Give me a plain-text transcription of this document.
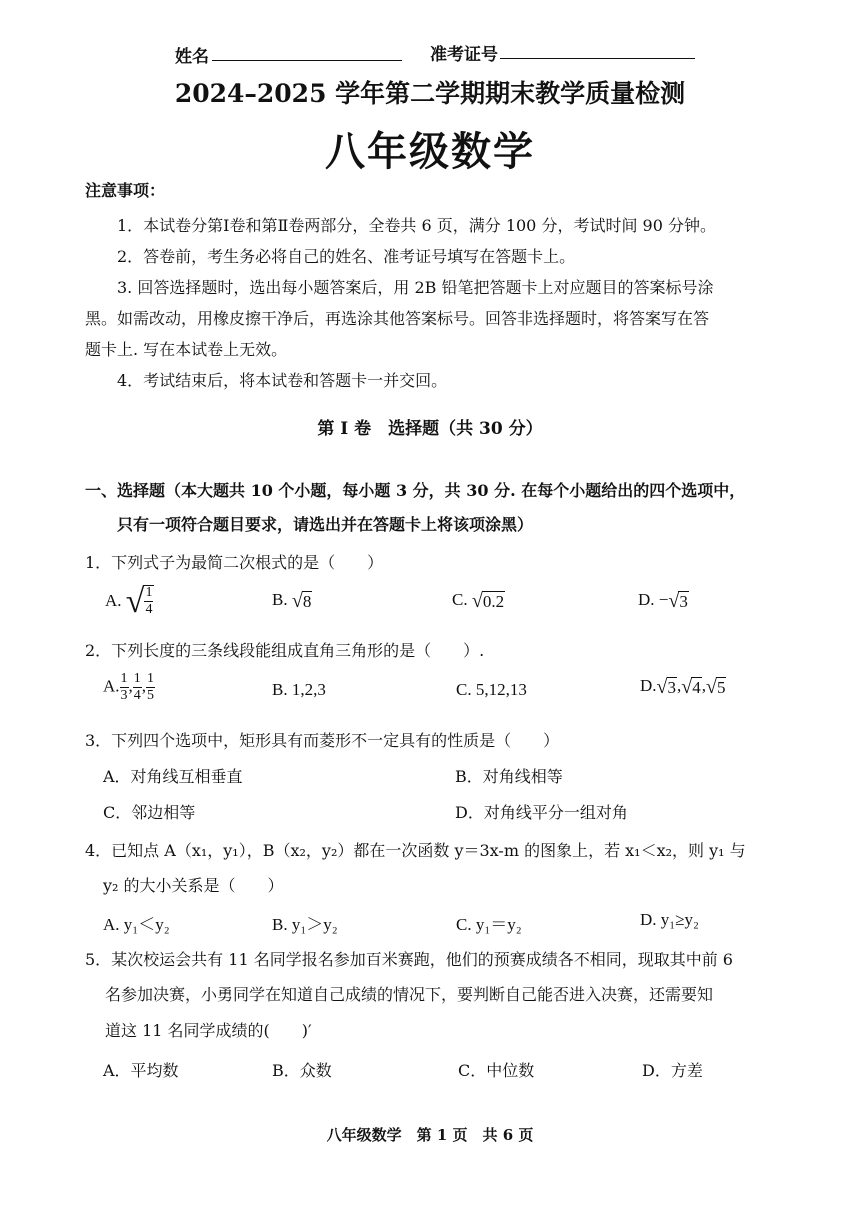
姓名	准考证号
2024–2025 学年第二学期期末教学质量检测
八年级数学
注意事项：
1．本试卷分第Ⅰ卷和第Ⅱ卷两部分，全卷共 6 页，满分 100 分，考试时间 90 分钟。
2．答卷前，考生务必将自己的姓名、准考证号填写在答题卡上。
3. 回答选择题时，选出每小题答案后，用 2B 铅笔把答题卡上对应题目的答案标号涂
黑。如需改动，用橡皮擦干净后，再选涂其他答案标号。回答非选择题时，将答案写在答
题卡上. 写在本试卷上无效。
4．考试结束后，将本试卷和答题卡一并交回。
第 I 卷　选择题（共 30 分）
一、选择题（本大题共 10 个小题，每小题 3 分，共 30 分. 在每个小题给出的四个选项中，
只有一项符合题目要求，请选出并在答题卡上将该项涂黑）
1．下列式子为最简二次根式的是（　　）
A. √ $\frac{1}{4}$	B. √ 8	C. √ 0.2	D. − √ 3
2．下列长度的三条线段能组成直角三角形的是（　　）.
A. $\frac{1}{3}$ , $\frac{1}{4}$ , $\frac{1}{5}$	B. 1,2,3	C. 5,12,13	D. √ 3 , √ 4 , √ 5
3．下列四个选项中，矩形具有而菱形不一定具有的性质是（　　）
A．对角线互相垂直	B．对角线相等
C．邻边相等	D．对角线平分一组对角
4．已知点 A（x₁，y₁），B（x₂，y₂）都在一次函数 y＝3x-m 的图象上，若 x₁＜x₂，则 y₁ 与
y₂ 的大小关系是（　　）
A. y₁＜y₂	B. y₁＞y₂	C. y₁＝y₂	D. y₁≥y₂
5．某次校运会共有 11 名同学报名参加百米赛跑，他们的预赛成绩各不相同，现取其中前 6
名参加决赛，小勇同学在知道自己成绩的情况下，要判断自己能否进入决赛，还需要知
道这 11 名同学成绩的(　　)′
A．平均数	B．众数	C．中位数	D．方差
八年级数学　第 1 页　共 6 页
